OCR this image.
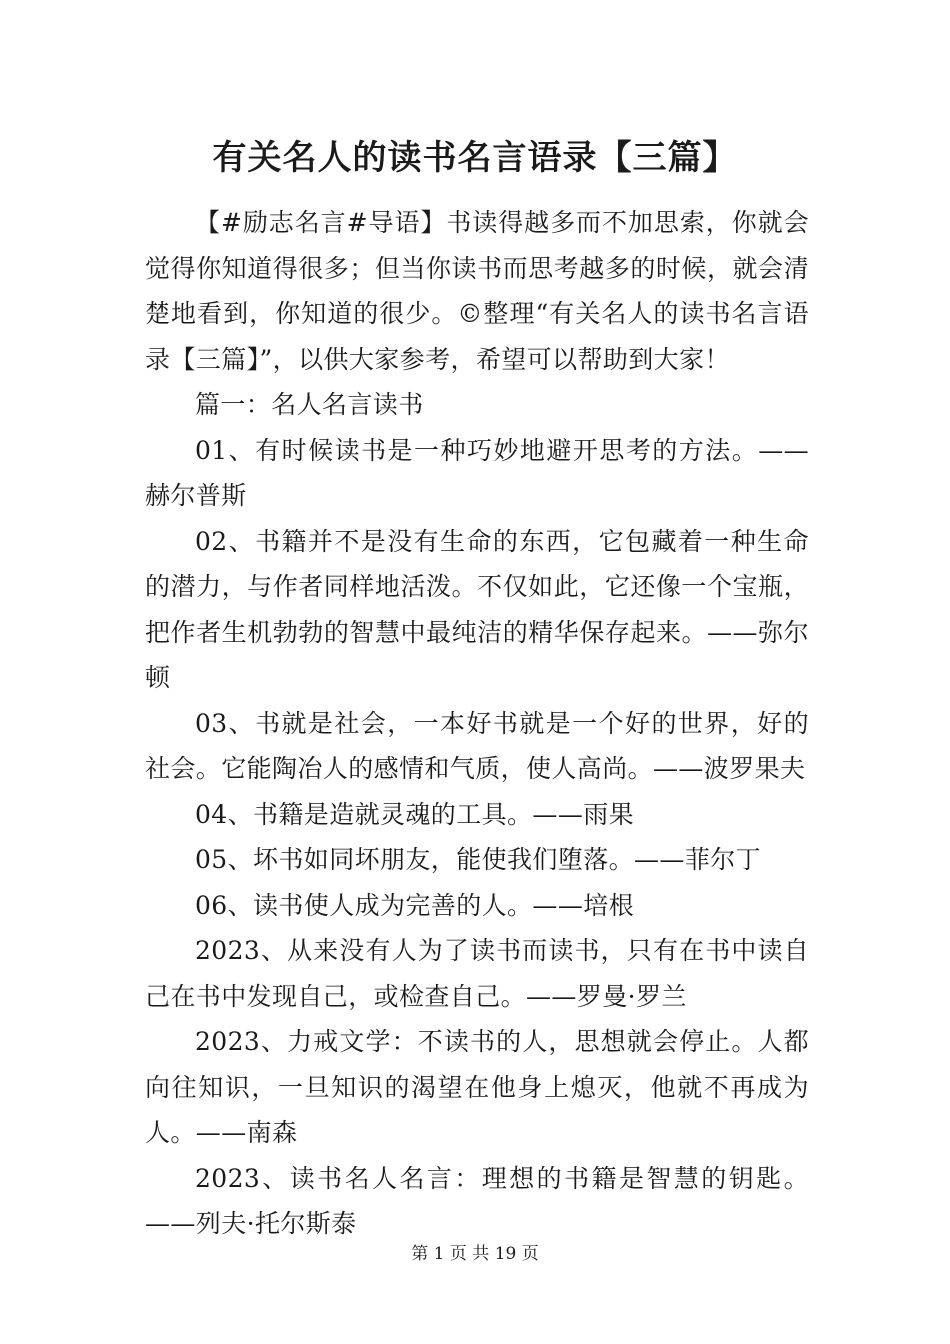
有关名人的读书名言语录【三篇】

【#励志名言#导语】书读得越多而不加思索，你就会觉得你知道得很多；但当你读书而思考越多的时候，就会清楚地看到，你知道的很少。©整理“有关名人的读书名言语录【三篇】”，以供大家参考，希望可以帮助到大家！

篇一：名人名言读书

01、有时候读书是一种巧妙地避开思考的方法。——赫尔普斯

02、书籍并不是没有生命的东西，它包藏着一种生命的潜力，与作者同样地活泼。不仅如此，它还像一个宝瓶，把作者生机勃勃的智慧中最纯洁的精华保存起来。——弥尔顿

03、书就是社会，一本好书就是一个好的世界，好的社会。它能陶冶人的感情和气质，使人高尚。——波罗果夫

04、书籍是造就灵魂的工具。——雨果

05、坏书如同坏朋友，能使我们堕落。——菲尔丁

06、读书使人成为完善的人。——培根

2023、从来没有人为了读书而读书，只有在书中读自己在书中发现自己，或检查自己。——罗曼·罗兰

2023、力戒文学：不读书的人，思想就会停止。人都向往知识，一旦知识的渴望在他身上熄灭，他就不再成为人。——南森

2023、读书名人名言：理想的书籍是智慧的钥匙。——列夫·托尔斯泰

第 1 页 共 19 页
